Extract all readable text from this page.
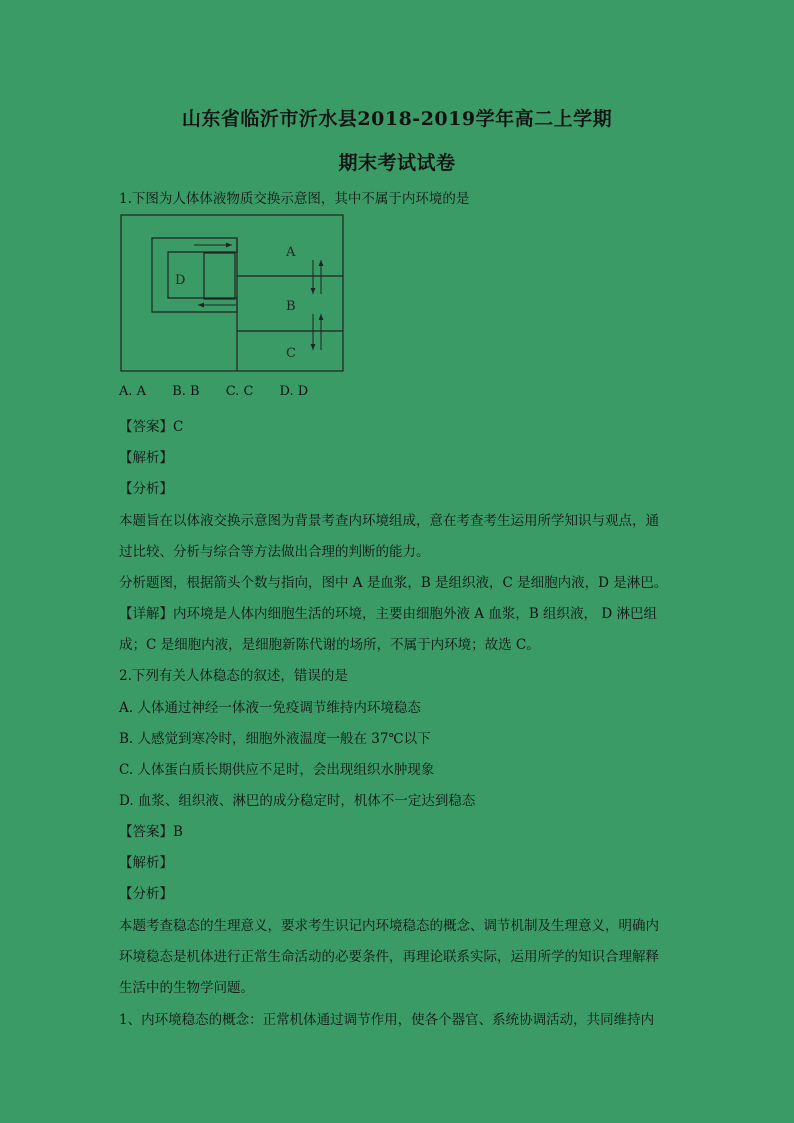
山东省临沂市沂水县2018-2019学年高二上学期
期末考试试卷
1.下图为人体体液物质交换示意图，其中不属于内环境的是
A
B
C
D
A. A B. B C. C D. D
【答案】C
【解析】
【分析】
本题旨在以体液交换示意图为背景考查内环境组成，意在考查考生运用所学知识与观点，通
过比较、分析与综合等方法做出合理的判断的能力。
分析题图，根据箭头个数与指向，图中 A 是血浆，B 是组织液，C 是细胞内液，D 是淋巴。
【详解】内环境是人体内细胞生活的环境，主要由细胞外液 A 血浆，B 组织液， D 淋巴组
成；C 是细胞内液，是细胞新陈代谢的场所，不属于内环境；故选 C。
2.下列有关人体稳态的叙述，错误的是
A. 人体通过神经一体液一免疫调节维持内环境稳态
B. 人感觉到寒冷时，细胞外液温度一般在 37℃以下
C. 人体蛋白质长期供应不足时，会出现组织水肿现象
D. 血浆、组织液、淋巴的成分稳定时，机体不一定达到稳态
【答案】B
【解析】
【分析】
本题考查稳态的生理意义，要求考生识记内环境稳态的概念、调节机制及生理意义，明确内
环境稳态是机体进行正常生命活动的必要条件，再理论联系实际，运用所学的知识合理解释
生活中的生物学问题。
1、内环境稳态的概念：正常机体通过调节作用，使各个器官、系统协调活动，共同维持内
